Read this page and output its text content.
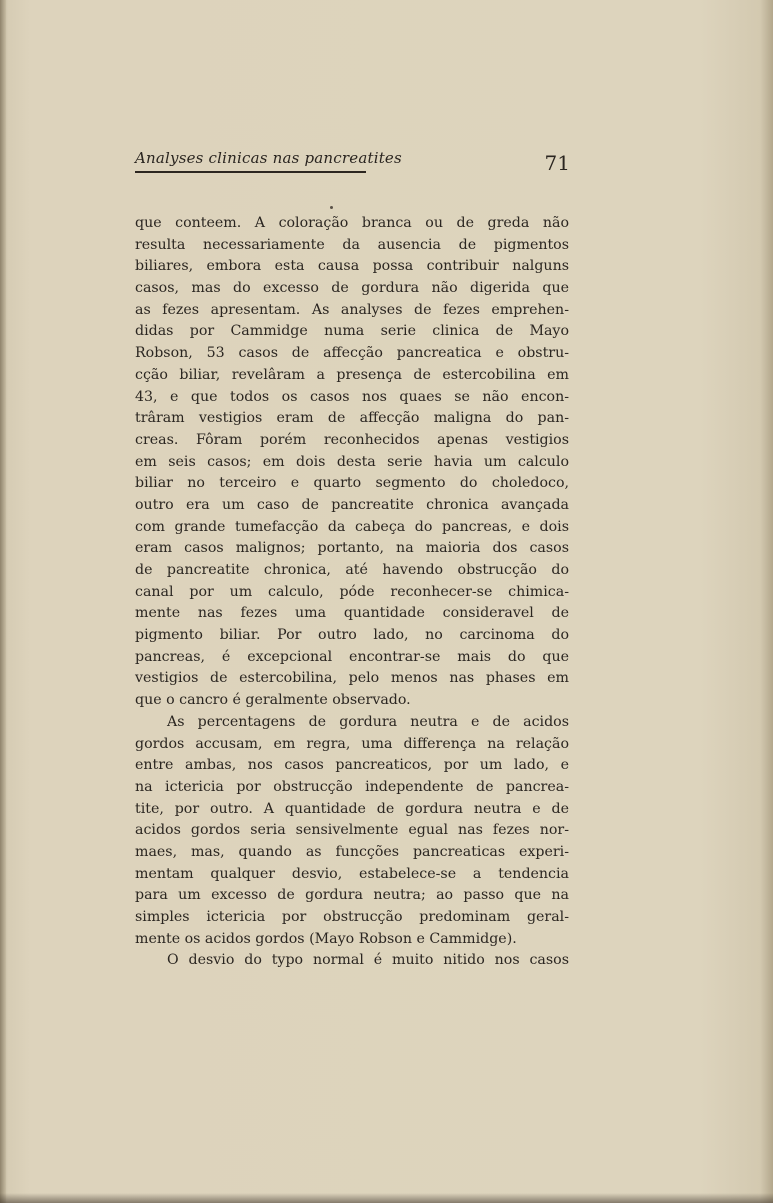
Analyses clinicas nas pancreatites	71
que conteem. A coloração branca ou de greda não
resulta necessariamente da ausencia de pigmentos
biliares, embora esta causa possa contribuir nalguns
casos, mas do excesso de gordura não digerida que
as fezes apresentam. As analyses de fezes emprehen-
didas por Cammidge numa serie clinica de Mayo
Robson, 53 casos de affecção pancreatica e obstru-
cção biliar, revelâram a presença de estercobilina em
43, e que todos os casos nos quaes se não encon-
trâram vestigios eram de affecção maligna do pan-
creas. Fôram porém reconhecidos apenas vestigios
em seis casos; em dois desta serie havia um calculo
biliar no terceiro e quarto segmento do choledoco,
outro era um caso de pancreatite chronica avançada
com grande tumefacção da cabeça do pancreas, e dois
eram casos malignos; portanto, na maioria dos casos
de pancreatite chronica, até havendo obstrucção do
canal por um calculo, póde reconhecer-se chimica-
mente nas fezes uma quantidade consideravel de
pigmento biliar. Por outro lado, no carcinoma do
pancreas, é excepcional encontrar-se mais do que
vestigios de estercobilina, pelo menos nas phases em
que o cancro é geralmente observado.
As percentagens de gordura neutra e de acidos
gordos accusam, em regra, uma differença na relação
entre ambas, nos casos pancreaticos, por um lado, e
na ictericia por obstrucção independente de pancrea-
tite, por outro. A quantidade de gordura neutra e de
acidos gordos seria sensivelmente egual nas fezes nor-
maes, mas, quando as funcções pancreaticas experi-
mentam qualquer desvio, estabelece-se a tendencia
para um excesso de gordura neutra; ao passo que na
simples ictericia por obstrucção predominam geral-
mente os acidos gordos (Mayo Robson e Cammidge).
O desvio do typo normal é muito nitido nos casos
